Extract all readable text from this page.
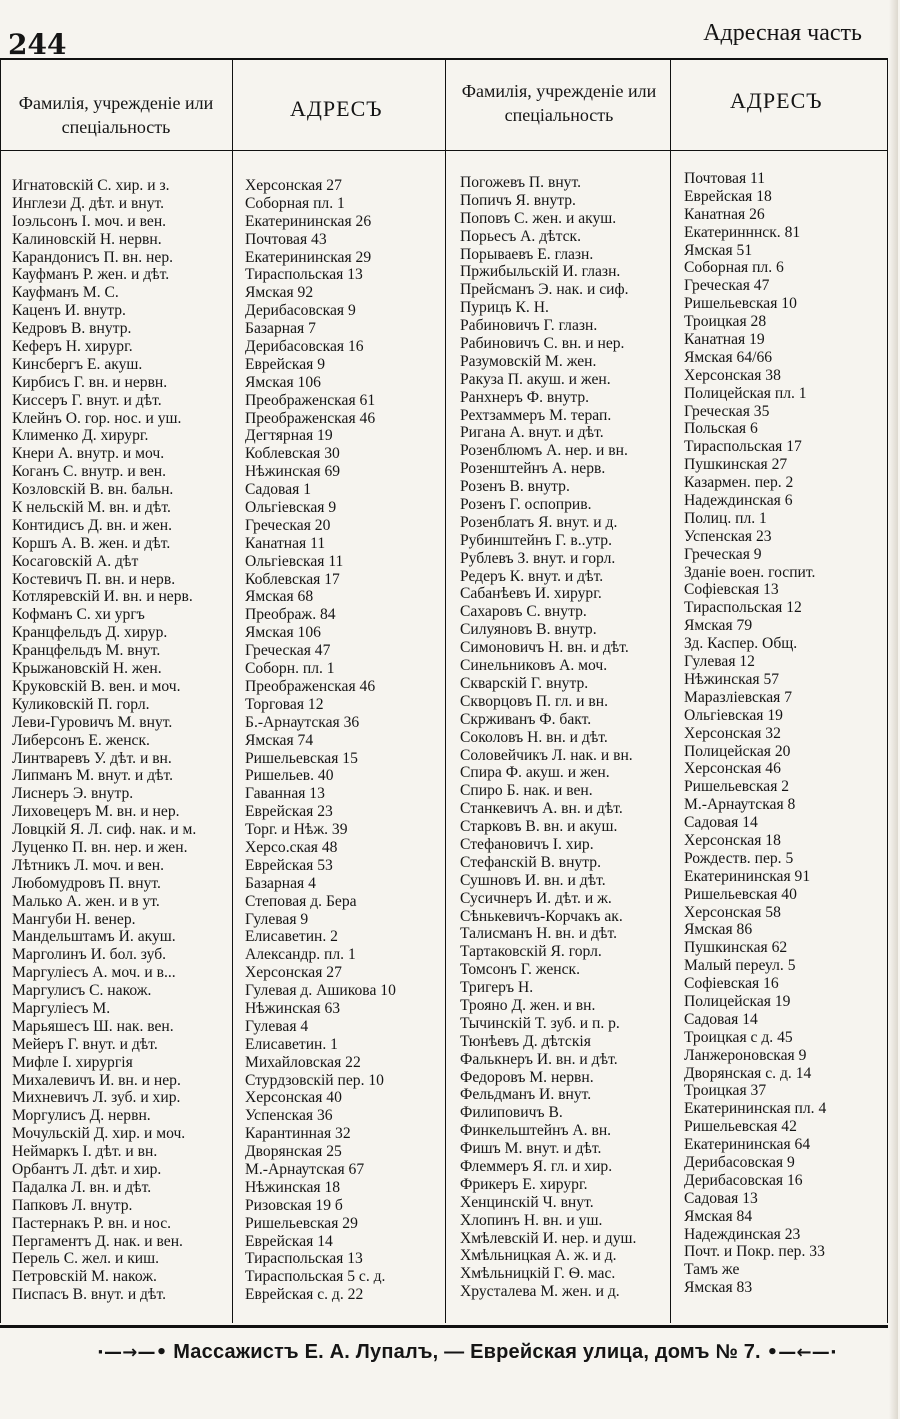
244	Адресная часть
Фамилія, учрежденіе или спеціальность
АДРЕСЪ
Фамилія, учрежденіе или спеціальность
АДРЕСЪ
Игнатовскій С. хир. и з.
Инглези Д. дѣт. и внут.
Іоэльсонъ І. моч. и вен.
Калиновскій Н. нервн.
Карандонисъ П. вн. нер.
Кауфманъ Р. жен. и дѣт.
Кауфманъ М. С.
Каценъ И. внутр.
Кедровъ В. внутр.
Кеферъ Н. хирург.
Кинсбергъ Е. акуш.
Кирбисъ Г. вн. и нервн.
Киссеръ Г. внут. и дѣт.
Клейнъ О. гор. нос. и уш.
Клименко Д. хирург.
Кнери А. внутр. и моч.
Коганъ С. внутр. и вен.
Козловскій В. вн. бальн.
К нельскій М. вн. и дѣт.
Контидисъ Д. вн. и жен.
Коршъ А. В. жен. и дѣт.
Косаговскій А. дѣт
Костевичъ П. вн. и нерв.
Котляревскій И. вн. и нерв.
Кофманъ С. хи ургъ
Кранцфельдъ Д. хирур.
Кранцфельдъ М. внут.
Крыжановскій Н. жен.
Круковскій В. вен. и моч.
Куликовскій П. горл.
Леви-Гуровичъ М. внут.
Либерсонъ Е. женск.
Линтваревъ У. дѣт. и вн.
Липманъ М. внут. и дѣт.
Лиснеръ Э. внутр.
Лиховецеръ М. вн. и нер.
Ловцкій Я. Л. сиф. нак. и м.
Луценко П. вн. нер. и жен.
Лѣтникъ Л. моч. и вен.
Любомудровъ П. внут.
Малько А. жен. и в ут.
Мангуби Н. венер.
Мандельштамъ И. акуш.
Марголинъ И. бол. зуб.
Маргуліесъ А. моч. и в...
Маргулисъ С. накож.
Маргуліесъ М.
Марьяшесъ Ш. нак. вен.
Мейеръ Г. внут. и дѣт.
Мифле І. хирургія
Михалевичъ И. вн. и нер.
Михневичъ Л. зуб. и хир.
Моргулисъ Д. нервн.
Мочульскій Д. хир. и моч.
Неймаркъ І. дѣт. и вн.
Орбантъ Л. дѣт. и хир.
Падалка Л. вн. и дѣт.
Папковъ Л. внутр.
Пастернакъ Р. вн. и нос.
Пергаментъ Д. нак. и вен.
Перель С. жел. и киш.
Петровскій М. накож.
Писпасъ В. внут. и дѣт.
Херсонская 27
Соборная пл. 1
Екатерининская 26
Почтовая 43
Екатерининская 29
Тираспольская 13
Ямская 92
Дерибасовская 9
Базарная 7
Дерибасовская 16
Еврейская 9
Ямская 106
Преображенская 61
Преображенская 46
Дегтярная 19
Коблевская 30
Нѣжинская 69
Садовая 1
Ольгіевская 9
Греческая 20
Канатная 11
Ольгіевская 11
Коблевская 17
Ямская 68
Преображ. 84
Ямская 106
Греческая 47
Соборн. пл. 1
Преображенская 46
Торговая 12
Б.-Арнаутская 36
Ямская 74
Ришельевская 15
Ришельев. 40
Гаванная 13
Еврейская 23
Торг. и Нѣж. 39
Херсо.ская 48
Еврейская 53
Базарная 4
Степовая д. Бера
Гулевая 9
Елисаветин. 2
Александр. пл. 1
Херсонская 27
Гулевая д. Ашикова 10
Нѣжинская 63
Гулевая 4
Елисаветин. 1
Михайловская 22
Стурдзовскій пер. 10
Херсонская 40
Успенская 36
Карантинная 32
Дворянская 25
М.-Арнаутская 67
Нѣжинская 18
Ризовская 19 б
Ришельевская 29
Еврейская 14
Тираспольская 13
Тираспольская 5 с. д.
Еврейская с. д. 22
Погожевъ П. внут.
Попичъ Я. внутр.
Поповъ С. жен. и акуш.
Порьесъ А. дѣтск.
Порываевъ Е. глазн.
Пржибыльскій И. глазн.
Прейсманъ Э. нак. и сиф.
Пурицъ К. Н.
Рабиновичъ Г. глазн.
Рабиновичъ С. вн. и нер.
Разумовскій М. жен.
Ракуза П. акуш. и жен.
Ранхнеръ Ф. внутр.
Рехтзаммеръ М. терап.
Ригана А. внут. и дѣт.
Розенблюмъ А. нер. и вн.
Розенштейнъ А. нерв.
Розенъ В. внутр.
Розенъ Г. оспоприв.
Розенблатъ Я. внут. и д.
Рубинштейнъ Г. в..утр.
Рублевъ З. внут. и горл.
Редеръ К. внут. и дѣт.
Сабанѣевъ И. хирург.
Сахаровъ С. внутр.
Силуяновъ В. внутр.
Симоновичъ Н. вн. и дѣт.
Синельниковъ А. моч.
Скварскій Г. внутр.
Скворцовъ П. гл. и вн.
Скрживанъ Ф. бакт.
Соколовъ Н. вн. и дѣт.
Соловейчикъ Л. нак. и вн.
Спира Ф. акуш. и жен.
Спиро Б. нак. и вен.
Станкевичъ А. вн. и дѣт.
Старковъ В. вн. и акуш.
Стефановичъ І. хир.
Стефанскій В. внутр.
Сушновъ И. вн. и дѣт.
Сусичнеръ И. дѣт. и ж.
Сѣнькевичъ-Корчакъ ак.
Талисманъ Н. вн. и дѣт.
Тартаковскій Я. горл.
Томсонъ Г. женск.
Тригеръ Н.
Трояно Д. жен. и вн.
Тычинскій Т. зуб. и п. р.
Тюнѣевъ Д. дѣтскія
Фалькнеръ И. вн. и дѣт.
Федоровъ М. нервн.
Фельдманъ И. внут.
Филиповичъ В.
Финкельштейнъ А. вн.
Фишъ М. внут. и дѣт.
Флеммеръ Я. гл. и хир.
Фрикеръ Е. хирург.
Хенцинскій Ч. внут.
Хлопинъ Н. вн. и уш.
Хмѣлевскій И. нер. и душ.
Хмѣльницкая А. ж. и д.
Хмѣльницкій Г. Ѳ. мас.
Хрусталева М. жен. и д.
Почтовая 11
Еврейская 18
Канатная 26
Екатеринннск. 81
Ямская 51
Соборная пл. 6
Греческая 47
Ришельевская 10
Троицкая 28
Канатная 19
Ямская 64/66
Херсонская 38
Полицейская пл. 1
Греческая 35
Польская 6
Тираспольская 17
Пушкинская 27
Казармен. пер. 2
Надеждинская 6
Полиц. пл. 1
Успенская 23
Греческая 9
Зданіе воен. госпит.
Софіевская 13
Тираспольская 12
Ямская 79
Зд. Каспер. Общ.
Гулевая 12
Нѣжинская 57
Маразліевская 7
Ольгіевская 19
Херсонская 32
Полицейская 20
Херсонская 46
Ришельевская 2
М.-Арнаутская 8
Садовая 14
Херсонская 18
Рождеств. пер. 5
Екатерининская 91
Ришельевская 40
Херсонская 58
Ямская 86
Пушкинская 62
Малый переул. 5
Софіевская 16
Полицейская 19
Садовая 14
Троицкая с д. 45
Ланжероновская 9
Дворянская с. д. 14
Троицкая 37
Екатерининская пл. 4
Ришельевская 42
Екатерининская 64
Дерибасовская 9
Дерибасовская 16
Садовая 13
Ямская 84
Надеждинская 23
Почт. и Покр. пер. 33
Тамъ же
Ямская 83
·—→—• Массажистъ Е. А. Лупалъ, — Еврейская улица, домъ № 7. •—←—·
